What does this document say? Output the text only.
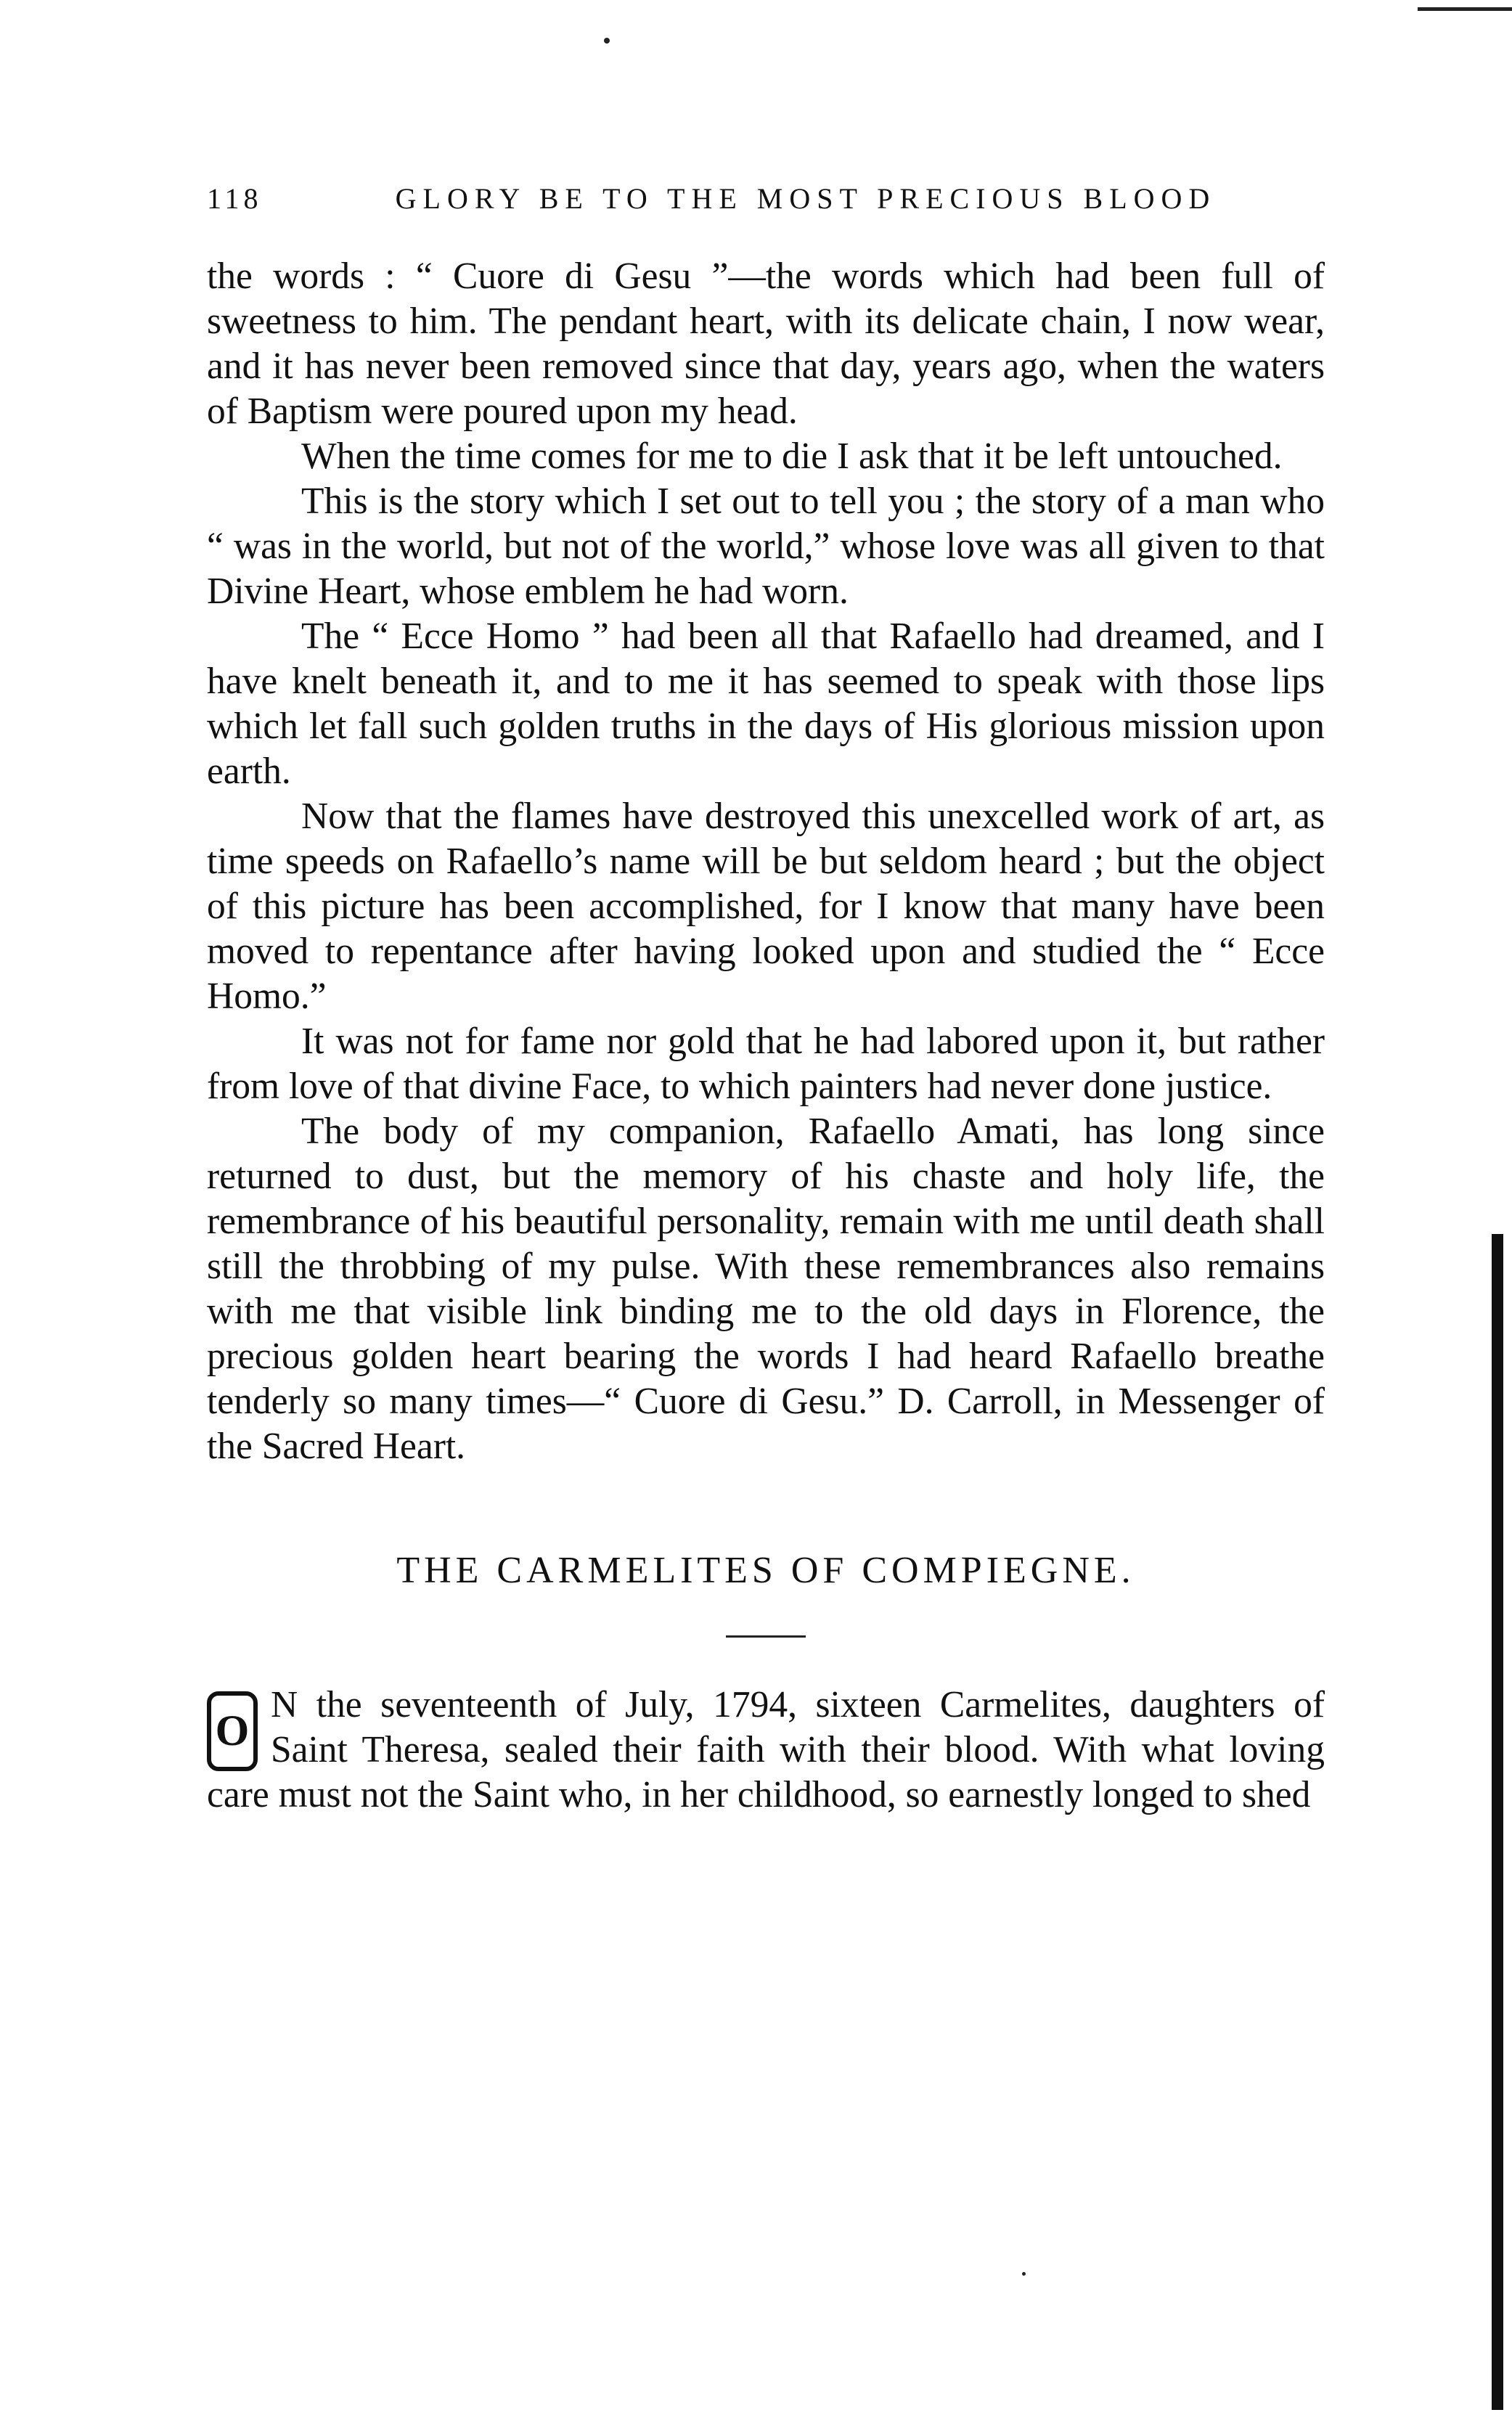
118	GLORY BE TO THE MOST PRECIOUS BLOOD

the words : “ Cuore di Gesu ”—the words which had been full of sweetness to him. The pendant heart, with its delicate chain, I now wear, and it has never been removed since that day, years ago, when the waters of Baptism were poured upon my head.

When the time comes for me to die I ask that it be left untouched.

This is the story which I set out to tell you ; the story of a man who “ was in the world, but not of the world,” whose love was all given to that Divine Heart, whose emblem he had worn.

The “ Ecce Homo ” had been all that Rafaello had dreamed, and I have knelt beneath it, and to me it has seemed to speak with those lips which let fall such golden truths in the days of His glorious mission upon earth.

Now that the flames have destroyed this unexcelled work of art, as time speeds on Rafaello’s name will be but seldom heard ; but the object of this picture has been accomplished, for I know that many have been moved to repentance after having looked upon and studied the “ Ecce Homo.”

It was not for fame nor gold that he had labored upon it, but rather from love of that divine Face, to which painters had never done justice.

The body of my companion, Rafaello Amati, has long since returned to dust, but the memory of his chaste and holy life, the remembrance of his beautiful personality, remain with me until death shall still the throbbing of my pulse. With these remembrances also remains with me that visible link binding me to the old days in Florence, the precious golden heart bearing the words I had heard Rafaello breathe tenderly so many times—“ Cuore di Gesu.” D. Carroll, in Messenger of the Sacred Heart.

THE CARMELITES OF COMPIEGNE.
O
N the seventeenth of July, 1794, sixteen Carmelites, daughters of Saint Theresa, sealed their faith with their blood. With what loving care must not the Saint who, in her childhood, so earnestly longed to shed
